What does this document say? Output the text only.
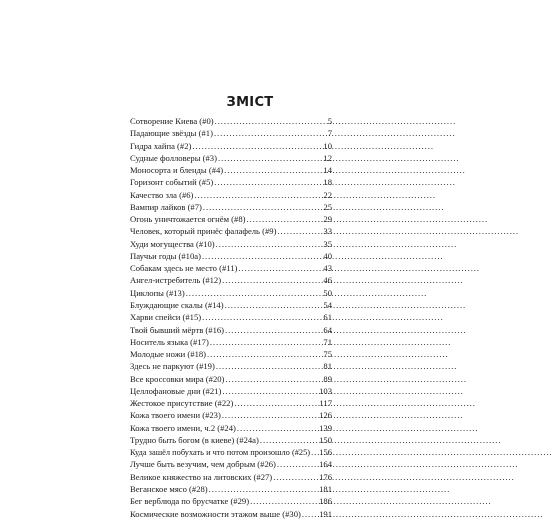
ЗМІСТ
Сотворение Киева (#0) . . .	5
Падающие звёзды (#1) . . .	7
Гидра хайпа (#2) . . .	10
Судные фолловеры (#3) . . .	12
Моносорта и бленды (#4) . . .	14
Горизонт событий (#5) . . .	18
Качество зла (#6) . . .	22
Вампир лайков (#7) . . .	25
Огонь уничтожается огнём (#8) . . .	29
Человек, который принёс фалафель (#9) . . .	33
Худи могущества (#10) . . .	35
Паучьи годы (#10a) . . .	40
Собакам здесь не место (#11) . . .	43
Ангел-истребитель (#12) . . .	46
Циклопы (#13) . . .	50
Блуждающие скалы (#14) . . .	54
Харви спейси (#15) . . .	61
Твой бывший мёртв (#16) . . .	64
Носитель языка (#17) . . .	71
Молодые ножи (#18) . . .	75
Здесь не паркуют (#19) . . .	81
Все кроссовки мира (#20) . . .	89
Целлофановые дни (#21) . . .	103
Жестокое присутствие (#22) . . .	117
Кожа твоего имени (#23) . . .	126
Кожа твоего имени, ч.2 (#24) . . .	139
Трудно быть богом (в киеве) (#24а) . . .	150
Куда зашёл побухать и что потом произошло (#25) . . . 156
Лучше быть везучим, чем добрым (#26) . . .	164
Великое княжество на литовских (#27) . . .	176
Веганское мясо (#28) . . .	181
Бег верблюда по брусчатке (#29) . . .	186
Космические возможности этажом выше (#30) . . . 191
